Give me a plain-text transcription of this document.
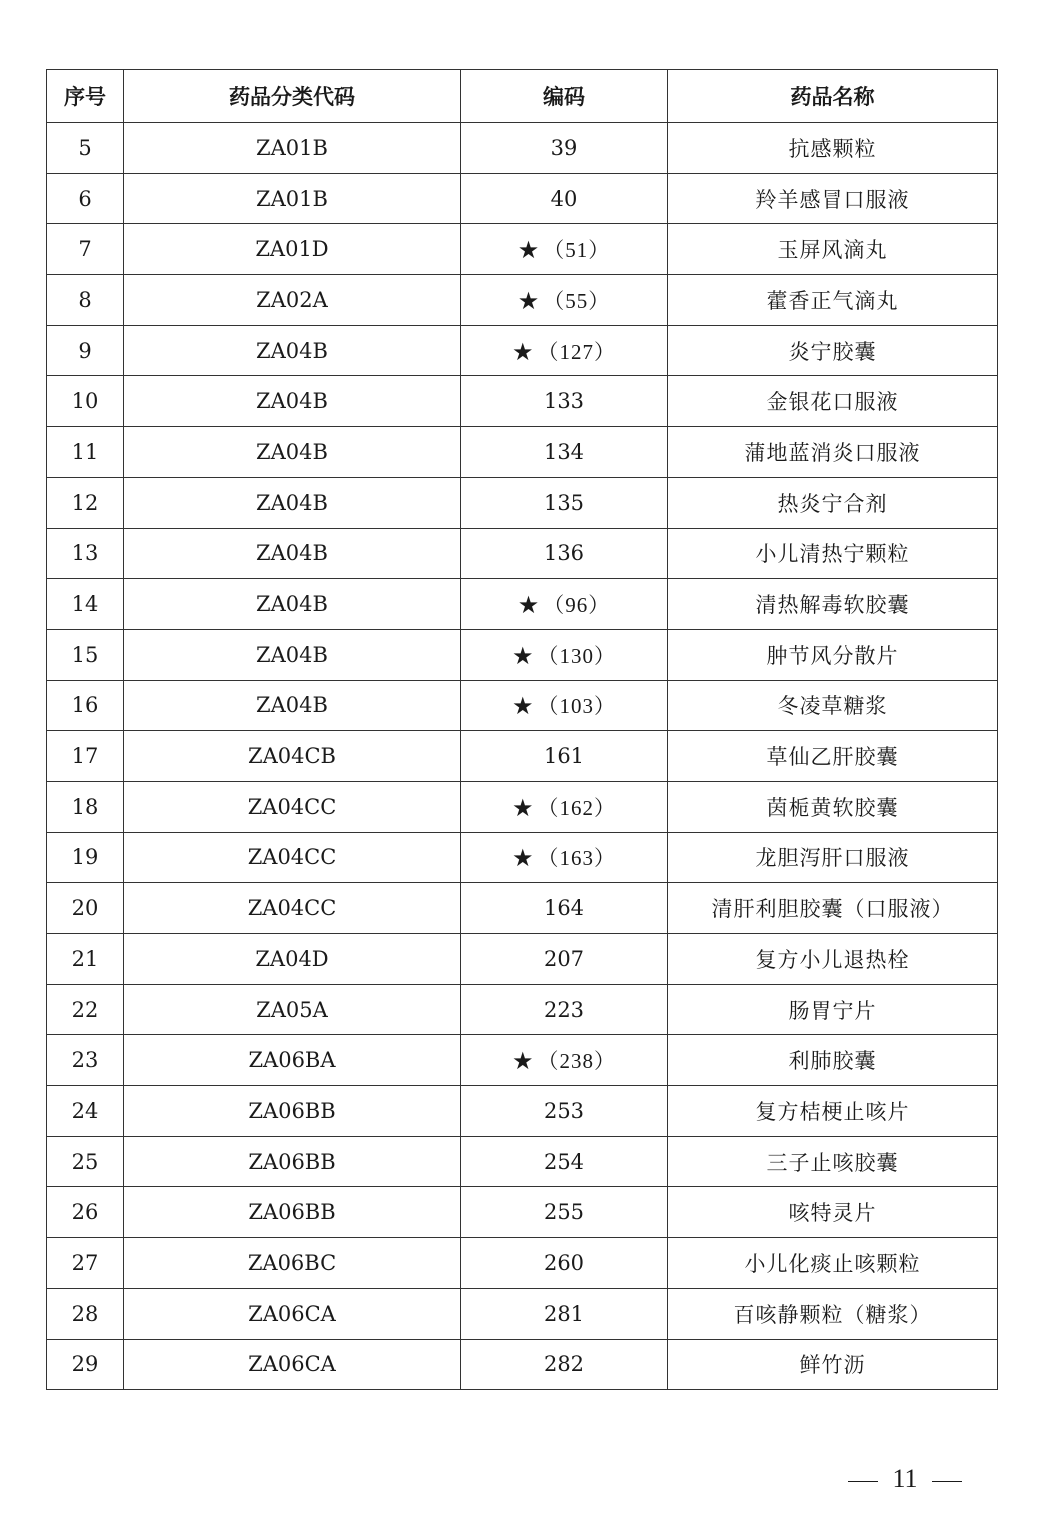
序号	药品分类代码	编码	药品名称
5	ZA01B	39	抗感颗粒
6	ZA01B	40	羚羊感冒口服液
7	ZA01D	★ （51）	玉屏风滴丸
8	ZA02A	★ （55）	藿香正气滴丸
9	ZA04B	★ （127）	炎宁胶囊
10	ZA04B	133	金银花口服液
11	ZA04B	134	蒲地蓝消炎口服液
12	ZA04B	135	热炎宁合剂
13	ZA04B	136	小儿清热宁颗粒
14	ZA04B	★ （96）	清热解毒软胶囊
15	ZA04B	★ （130）	肿节风分散片
16	ZA04B	★ （103）	冬凌草糖浆
17	ZA04CB	161	草仙乙肝胶囊
18	ZA04CC	★ （162）	茵栀黄软胶囊
19	ZA04CC	★ （163）	龙胆泻肝口服液
20	ZA04CC	164	清肝利胆胶囊（口服液）
21	ZA04D	207	复方小儿退热栓
22	ZA05A	223	肠胃宁片
23	ZA06BA	★ （238）	利肺胶囊
24	ZA06BB	253	复方桔梗止咳片
25	ZA06BB	254	三子止咳胶囊
26	ZA06BB	255	咳特灵片
27	ZA06BC	260	小儿化痰止咳颗粒
28	ZA06CA	281	百咳静颗粒（糖浆）
29	ZA06CA	282	鲜竹沥
11
